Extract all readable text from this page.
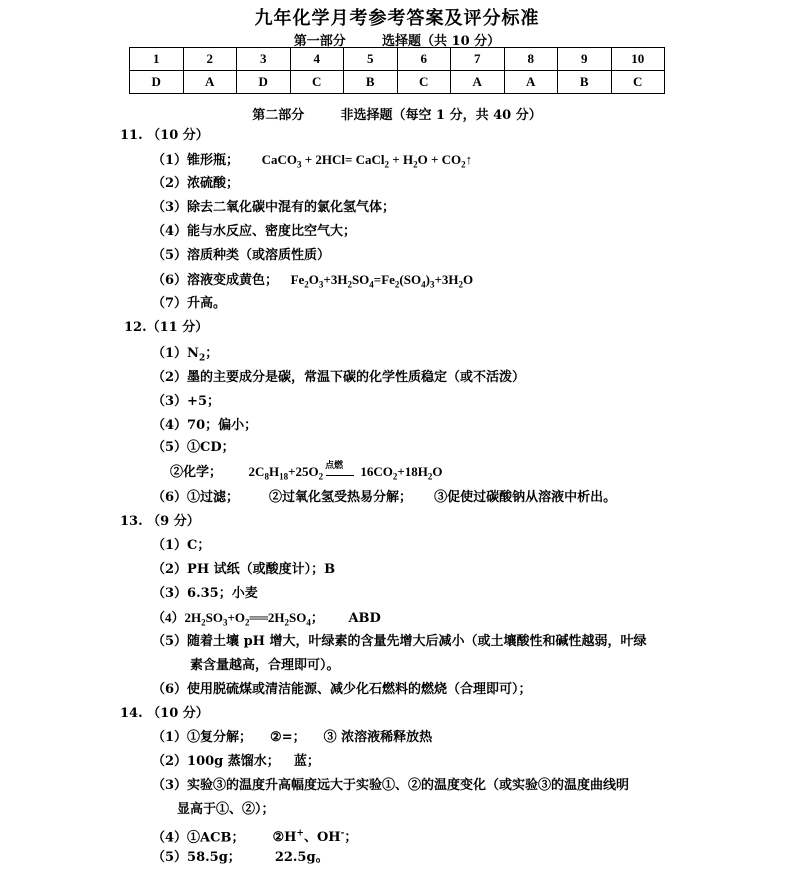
九年化学月考参考答案及评分标准
第一部分	选择题（共 10 分）
1	2	3	4	5	6	7	8	9	10
D	A	D	C	B	C	A	A	B	C
第二部分	非选择题（每空 1 分，共 40 分）
11. （10 分）
（1）锥形瓶； CaCO$_3$ + 2HCl= CaCl$_2$ + $H_2O$ + $CO_2↑$
（2）浓硫酸；
（3）除去二氧化碳中混有的氯化氢气体；
（4）能与水反应、密度比空气大；
（5）溶质种类（或溶质性质）
（6）溶液变成黄色； $Fe_2O_3+3H_2SO_4=Fe_2(SO_4)_3+3H_2O$
（7）升高。
12.（11 分）
$(1)N_2$；
（2）墨的主要成分是碳，常温下碳的化学性质稳定（或不活泼）
（3）+5；
（4）70；偏小；
（5）①CD；
②化学； $2C_8H_{18}+25O_2$
点燃 $16CO_2+18H_2O$
（6）①过滤； ②过氧化氢受热易分解； ③促使过碳酸钠从溶液中析出。
13. （9 分）
（1）C；
（2）PH 试纸（或酸度计）；B
（3）6.35；小麦
$(4)2H_2SO_3+O_2══2H_2SO_4$； ABD
（5）随着土壤 pH 增大，叶绿素的含量先增大后减小（或土壤酸性和碱性越弱，叶绿
素含量越高，合理即可）。
（6）使用脱硫煤或清洁能源、减少化石燃料的燃烧（合理即可）；
14. （10 分）
（1）①复分解； ②=； ③ 浓溶液稀释放热
（2）100g 蒸馏水； 蓝；
（3）实验③的温度升高幅度远大于实验①、②的温度变化（或实验③的温度曲线明
显高于①、②）；
（4）①ACB； ②H+、OH-；
（5）58.5g；	22.5g。
